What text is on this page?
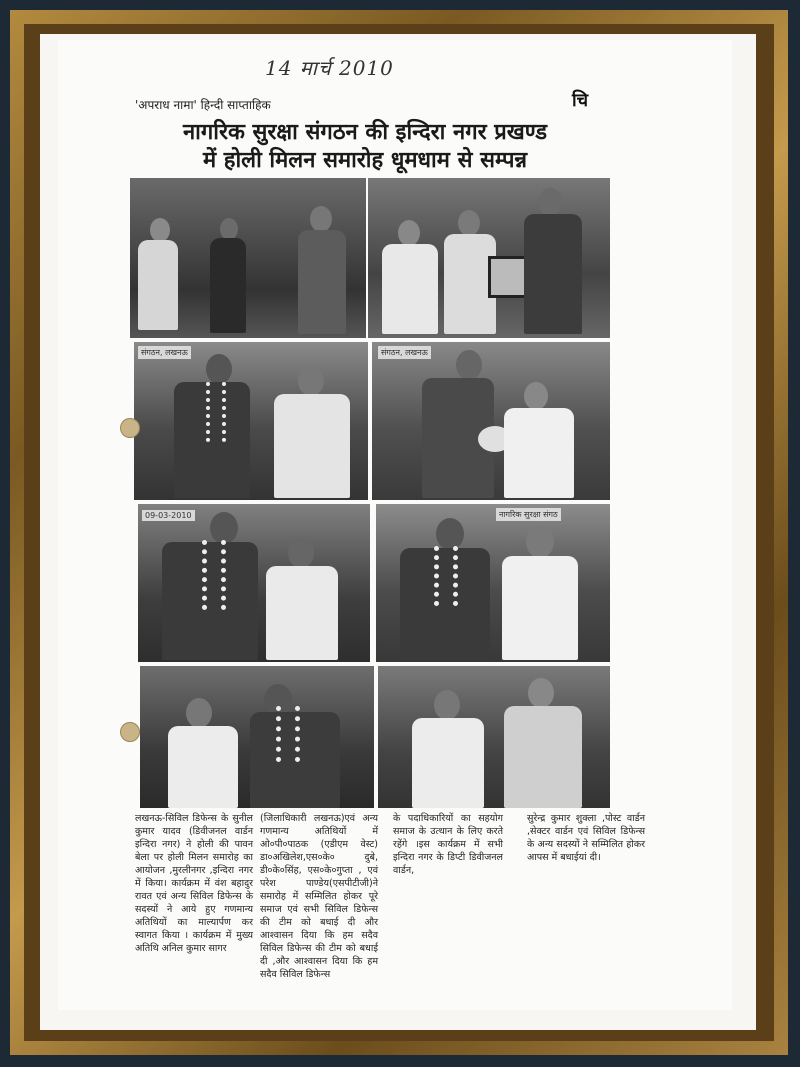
14 मार्च 2010
'अपराध नामा' हिन्दी साप्ताहिक	चि
नागरिक सुरक्षा संगठन की इन्दिरा नगर प्रखण्ड
में होली मिलन समारोह धूमधाम से सम्पन्न
संगठन, लखनऊ	संगठन, लखनऊ
09-03-2010	नागरिक सुरक्षा संगठ
लखनऊ-सिविल डिफेन्स के सुनील कुमार यादव (डिवीजनल वार्डन इन्दिरा नगर) ने होली की पावन बेला पर होली मिलन समारोह का आयोजन ,मुरलीनगर ,इन्दिरा नगर में किया। कार्यक्रम में वंश बहादुर रावत एवं अन्य सिविल डिफेन्स के सदस्यों ने आये हुए गणमान्य अतिथियों का माल्यार्पण कर स्वागत किया । कार्यक्रम में मुख्य अतिथि अनिल कुमार सागर
(जिलाधिकारी लखनऊ)एवं अन्य गणमान्य अतिथियों में ओ०पी०पाठक (एडीएम वेस्ट) डा०अखिलेश,एस०के० दुबे, डी०के०सिंह, एस०के०गुप्ता , एवं परेश पाण्डेय(एसपीटीजी)ने समारोह में सम्मिलित होकर पूरे समाज एवं सभी सिविल डिफेन्स की टीम को बधाई दी और आश्वासन दिया कि हम सदैव सिविल डिफेन्स की टीम को बधाई दी ,और आश्वासन दिया कि हम सदैव सिविल डिफेन्स
के पदाधिकारियों का सहयोग समाज के उत्थान के लिए करते रहेंगे ।इस कार्यक्रम में सभी इन्दिरा नगर के डिप्टी डिवीजनल वार्डन,
सुरेन्द्र कुमार शुक्ला ,पोस्ट वार्डन ,सेक्टर वार्डन एवं सिविल डिफेन्स के अन्य सदस्यों ने सम्मिलित होकर आपस में बधाईयां दी।
